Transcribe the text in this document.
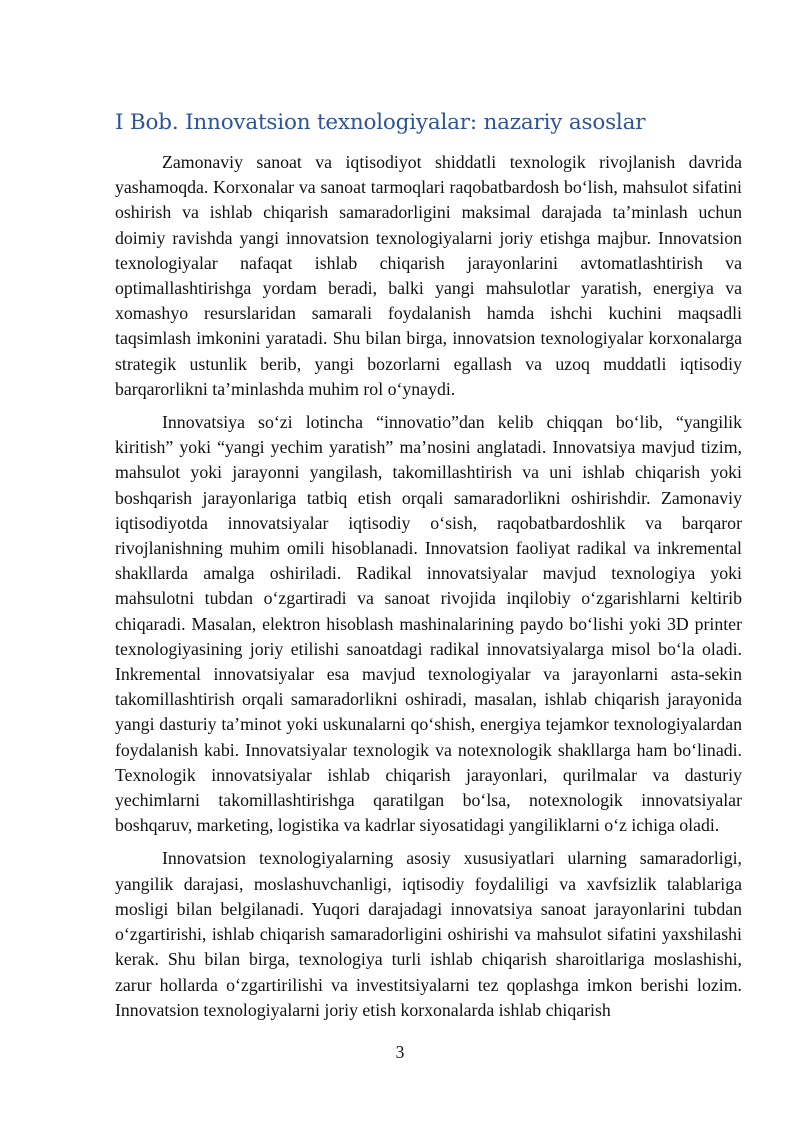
I Bob. Innovatsion texnologiyalar: nazariy asoslar

Zamonaviy sanoat va iqtisodiyot shiddatli texnologik rivojlanish davrida yashamoqda. Korxonalar va sanoat tarmoqlari raqobatbardosh boʻlish, mahsulot sifatini oshirish va ishlab chiqarish samaradorligini maksimal darajada taʼminlash uchun doimiy ravishda yangi innovatsion texnologiyalarni joriy etishga majbur. Innovatsion texnologiyalar nafaqat ishlab chiqarish jarayonlarini avtomatlashtirish va optimallashtirishga yordam beradi, balki yangi mahsulotlar yaratish, energiya va xomashyo resurslaridan samarali foydalanish hamda ishchi kuchini maqsadli taqsimlash imkonini yaratadi. Shu bilan birga, innovatsion texnologiyalar korxonalarga strategik ustunlik berib, yangi bozorlarni egallash va uzoq muddatli iqtisodiy barqarorlikni taʼminlashda muhim rol oʻynaydi.

Innovatsiya soʻzi lotincha “innovatio”dan kelib chiqqan boʻlib, “yangilik kiritish” yoki “yangi yechim yaratish” maʼnosini anglatadi. Innovatsiya mavjud tizim, mahsulot yoki jarayonni yangilash, takomillashtirish va uni ishlab chiqarish yoki boshqarish jarayonlariga tatbiq etish orqali samaradorlikni oshirishdir. Zamonaviy iqtisodiyotda innovatsiyalar iqtisodiy oʻsish, raqobatbardoshlik va barqaror rivojlanishning muhim omili hisoblanadi. Innovatsion faoliyat radikal va inkremental shakllarda amalga oshiriladi. Radikal innovatsiyalar mavjud texnologiya yoki mahsulotni tubdan oʻzgartiradi va sanoat rivojida inqilobiy oʻzgarishlarni keltirib chiqaradi. Masalan, elektron hisoblash mashinalarining paydo boʻlishi yoki 3D printer texnologiyasining joriy etilishi sanoatdagi radikal innovatsiyalarga misol boʻla oladi. Inkremental innovatsiyalar esa mavjud texnologiyalar va jarayonlarni asta-sekin takomillashtirish orqali samaradorlikni oshiradi, masalan, ishlab chiqarish jarayonida yangi dasturiy taʼminot yoki uskunalarni qoʻshish, energiya tejamkor texnologiyalardan foydalanish kabi. Innovatsiyalar texnologik va notexnologik shakllarga ham boʻlinadi. Texnologik innovatsiyalar ishlab chiqarish jarayonlari, qurilmalar va dasturiy yechimlarni takomillashtirishga qaratilgan boʻlsa, notexnologik innovatsiyalar boshqaruv, marketing, logistika va kadrlar siyosatidagi yangiliklarni oʻz ichiga oladi.

Innovatsion texnologiyalarning asosiy xususiyatlari ularning samaradorligi, yangilik darajasi, moslashuvchanligi, iqtisodiy foydaliligi va xavfsizlik talablariga mosligi bilan belgilanadi. Yuqori darajadagi innovatsiya sanoat jarayonlarini tubdan oʻzgartirishi, ishlab chiqarish samaradorligini oshirishi va mahsulot sifatini yaxshilashi kerak. Shu bilan birga, texnologiya turli ishlab chiqarish sharoitlariga moslashishi, zarur hollarda oʻzgartirilishi va investitsiyalarni tez qoplashga imkon berishi lozim. Innovatsion texnologiyalarni joriy etish korxonalarda ishlab chiqarish

3
